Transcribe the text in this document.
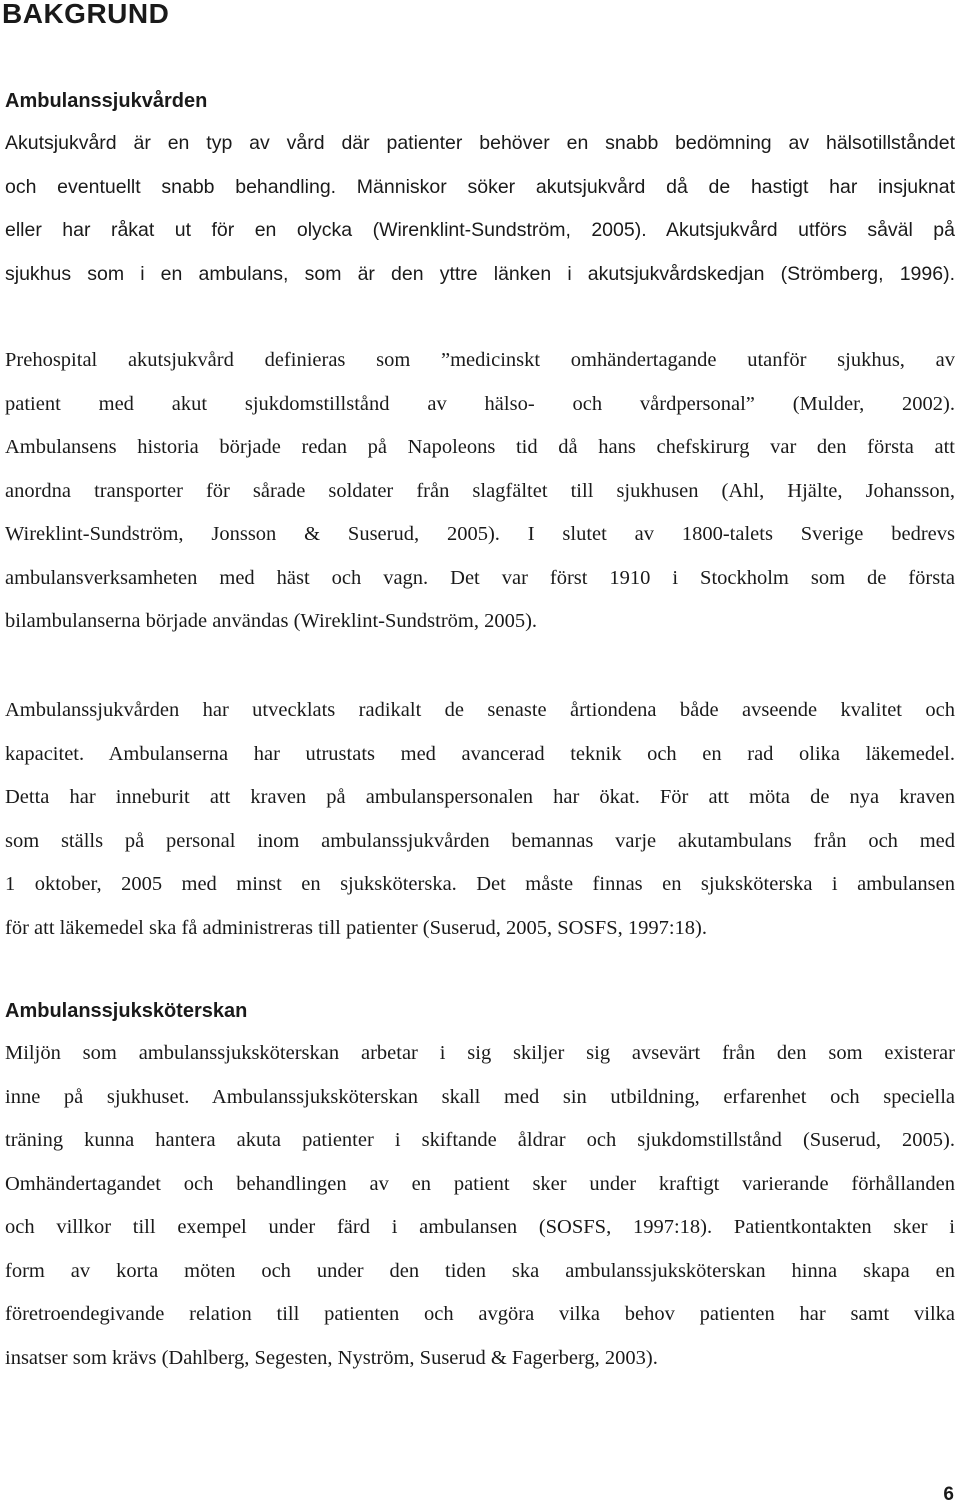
BAKGRUND
Ambulanssjukvården
Akutsjukvård är en typ av vård där patienter behöver en snabb bedömning av hälsotillståndet
och eventuellt snabb behandling. Människor söker akutsjukvård då de hastigt har insjuknat
eller har råkat ut för en olycka (Wirenklint-Sundström, 2005). Akutsjukvård utförs såväl på
sjukhus som i en ambulans, som är den yttre länken i akutsjukvårdskedjan (Strömberg, 1996).
Prehospital akutsjukvård definieras som ”medicinskt omhändertagande utanför sjukhus, av
patient med akut sjukdomstillstånd av hälso- och vårdpersonal” (Mulder, 2002).
Ambulansens historia började redan på Napoleons tid då hans chefskirurg var den första att
anordna transporter för sårade soldater från slagfältet till sjukhusen (Ahl, Hjälte, Johansson,
Wireklint-Sundström, Jonsson & Suserud, 2005). I slutet av 1800-talets Sverige bedrevs
ambulansverksamheten med häst och vagn. Det var först 1910 i Stockholm som de första
bilambulanserna började användas (Wireklint-Sundström, 2005).
Ambulanssjukvården har utvecklats radikalt de senaste årtiondena både avseende kvalitet och
kapacitet. Ambulanserna har utrustats med avancerad teknik och en rad olika läkemedel.
Detta har inneburit att kraven på ambulanspersonalen har ökat. För att möta de nya kraven
som ställs på personal inom ambulanssjukvården bemannas varje akutambulans från och med
1 oktober, 2005 med minst en sjuksköterska. Det måste finnas en sjuksköterska i ambulansen
för att läkemedel ska få administreras till patienter (Suserud, 2005, SOSFS, 1997:18).
Ambulanssjuksköterskan
Miljön som ambulanssjuksköterskan arbetar i sig skiljer sig avsevärt från den som existerar
inne på sjukhuset. Ambulanssjuksköterskan skall med sin utbildning, erfarenhet och speciella
träning kunna hantera akuta patienter i skiftande åldrar och sjukdomstillstånd (Suserud, 2005).
Omhändertagandet och behandlingen av en patient sker under kraftigt varierande förhållanden
och villkor till exempel under färd i ambulansen (SOSFS, 1997:18). Patientkontakten sker i
form av korta möten och under den tiden ska ambulanssjuksköterskan hinna skapa en
företroendegivande relation till patienten och avgöra vilka behov patienten har samt vilka
insatser som krävs (Dahlberg, Segesten, Nyström, Suserud & Fagerberg, 2003).
6
